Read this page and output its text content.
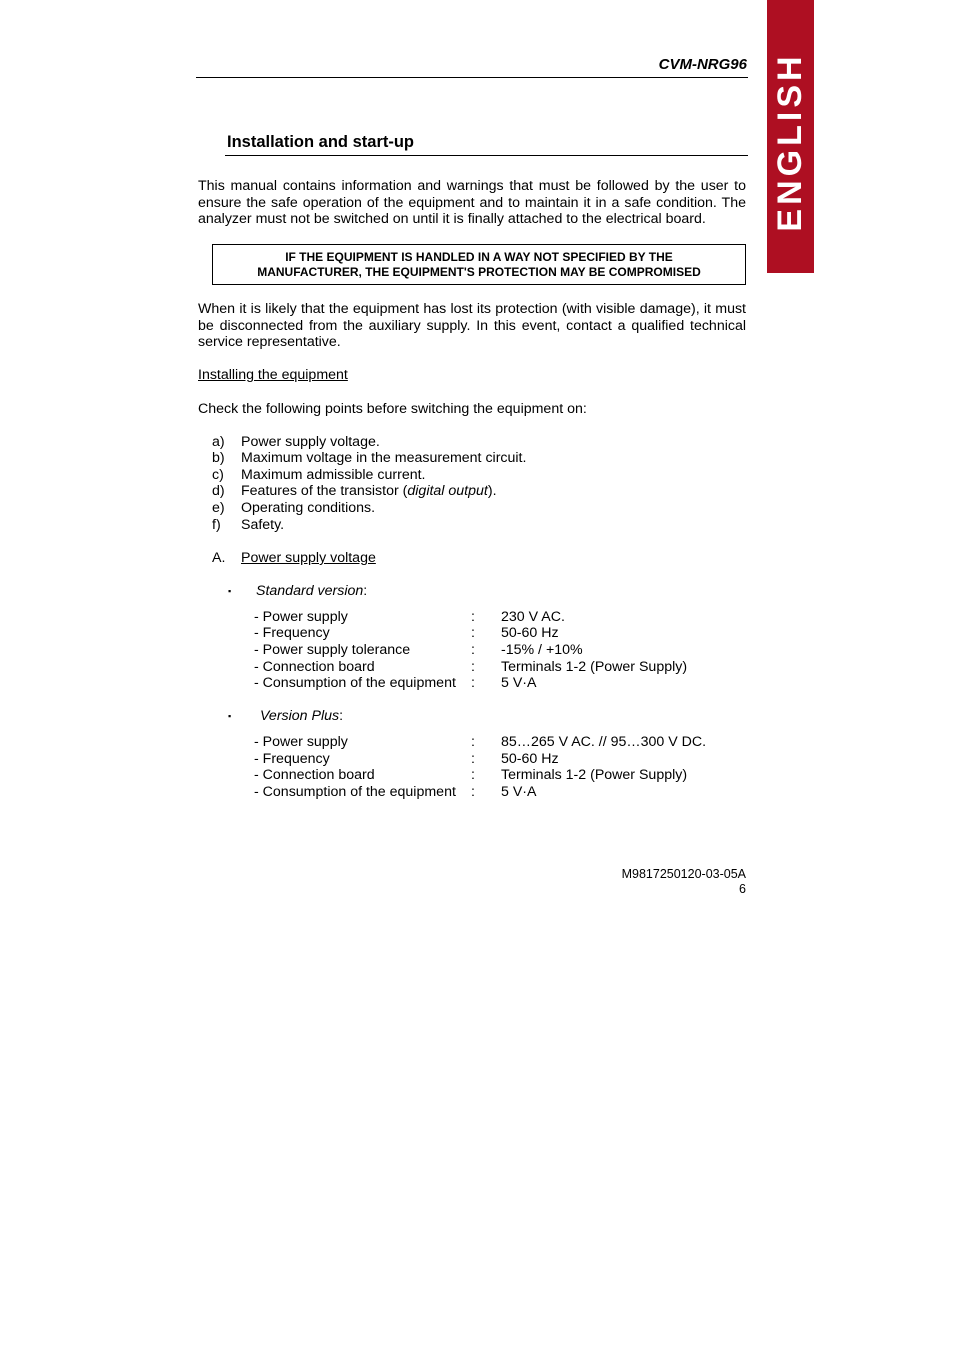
ENGLISH
CVM-NRG96
Installation and start-up

This manual contains information and warnings that must be followed by the user to ensure the safe operation of the equipment and to maintain it in a safe condition. The analyzer must not be switched on until it is finally attached to the electrical board.

IF THE EQUIPMENT IS HANDLED IN A WAY NOT SPECIFIED BY THE
MANUFACTURER, THE EQUIPMENT'S PROTECTION MAY BE COMPROMISED

When it is likely that the equipment has lost its protection (with visible damage), it must be disconnected from the auxiliary supply. In this event, contact a qualified technical service representative.

Installing the equipment
Check the following points before switching the equipment on:
a) Power supply voltage.
b) Maximum voltage in the measurement circuit.
c) Maximum admissible current.
d) Features of the transistor (digital output).
e) Operating conditions.
f) Safety.
A. Power supply voltage
▪ Standard version:
- Power supply	: 230 V AC.
- Frequency	: 50-60 Hz
- Power supply tolerance	: -15% / +10%
- Connection board	: Terminals 1-2 (Power Supply)
- Consumption of the equipment : 5 V·A
▪ Version Plus:
- Power supply	: 85…265 V AC. // 95…300 V DC.
- Frequency	: 50-60 Hz
- Connection board	: Terminals 1-2 (Power Supply)
- Consumption of the equipment : 5 V·A
M9817250120-03-05A
6
